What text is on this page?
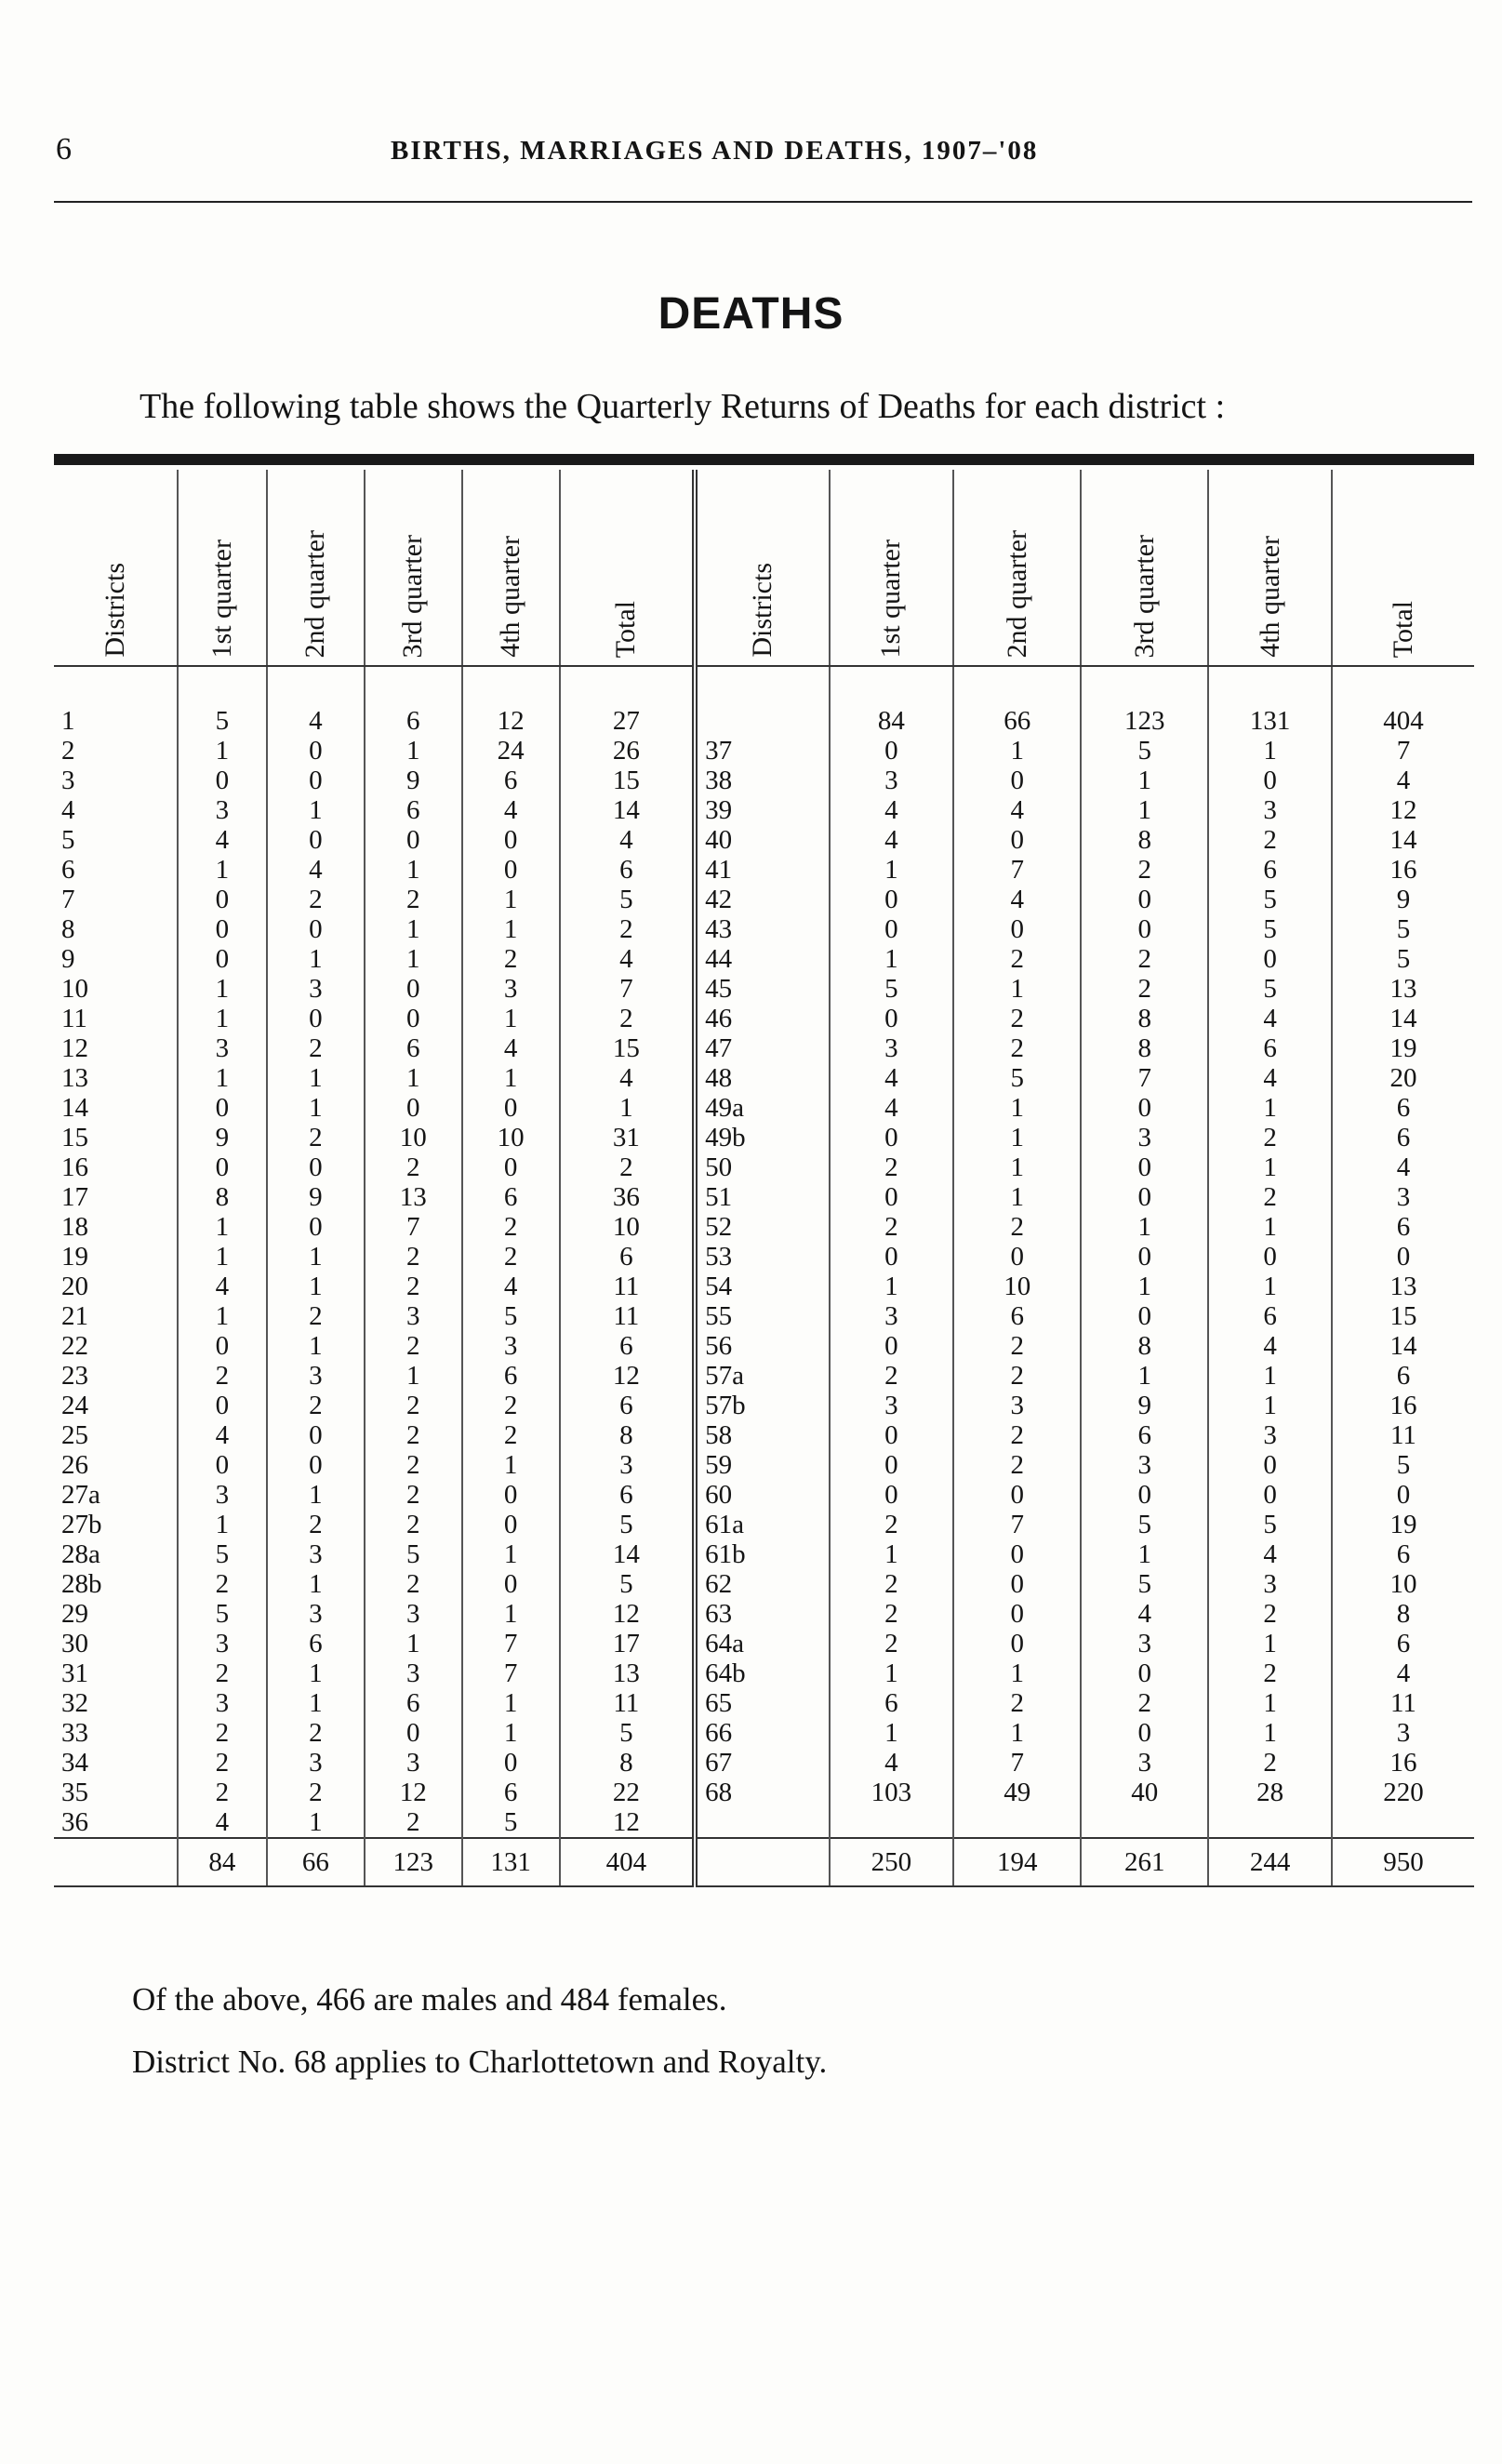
6	BIRTHS, MARRIAGES AND DEATHS, 1907–'08
DEATHS
The following table shows the Quarterly Returns of Deaths for each district :
Districts	1st quarter	2nd quarter	3rd quarter	4th quarter	Total	Districts	1st quarter	2nd quarter	3rd quarter	4th quarter	Total

1	5	4	6	12	27		84	66	123	131	404
2	1	0	1	24	26	37	0	1	5	1	7
3	0	0	9	6	15	38	3	0	1	0	4
4	3	1	6	4	14	39	4	4	1	3	12
5	4	0	0	0	4	40	4	0	8	2	14
6	1	4	1	0	6	41	1	7	2	6	16
7	0	2	2	1	5	42	0	4	0	5	9
8	0	0	1	1	2	43	0	0	0	5	5
9	0	1	1	2	4	44	1	2	2	0	5
10	1	3	0	3	7	45	5	1	2	5	13
11	1	0	0	1	2	46	0	2	8	4	14
12	3	2	6	4	15	47	3	2	8	6	19
13	1	1	1	1	4	48	4	5	7	4	20
14	0	1	0	0	1	49a	4	1	0	1	6
15	9	2	10	10	31	49b	0	1	3	2	6
16	0	0	2	0	2	50	2	1	0	1	4
17	8	9	13	6	36	51	0	1	0	2	3
18	1	0	7	2	10	52	2	2	1	1	6
19	1	1	2	2	6	53	0	0	0	0	0
20	4	1	2	4	11	54	1	10	1	1	13
21	1	2	3	5	11	55	3	6	0	6	15
22	0	1	2	3	6	56	0	2	8	4	14
23	2	3	1	6	12	57a	2	2	1	1	6
24	0	2	2	2	6	57b	3	3	9	1	16
25	4	0	2	2	8	58	0	2	6	3	11
26	0	0	2	1	3	59	0	2	3	0	5
27a	3	1	2	0	6	60	0	0	0	0	0
27b	1	2	2	0	5	61a	2	7	5	5	19
28a	5	3	5	1	14	61b	1	0	1	4	6
28b	2	1	2	0	5	62	2	0	5	3	10
29	5	3	3	1	12	63	2	0	4	2	8
30	3	6	1	7	17	64a	2	0	3	1	6
31	2	1	3	7	13	64b	1	1	0	2	4
32	3	1	6	1	11	65	6	2	2	1	11
33	2	2	0	1	5	66	1	1	0	1	3
34	2	3	3	0	8	67	4	7	3	2	16
35	2	2	12	6	22	68	103	49	40	28	220
36	4	1	2	5	12						
	84	66	123	131	404		250	194	261	244	950
Of the above, 466 are males and 484 females.
District No. 68 applies to Charlottetown and Royalty.
